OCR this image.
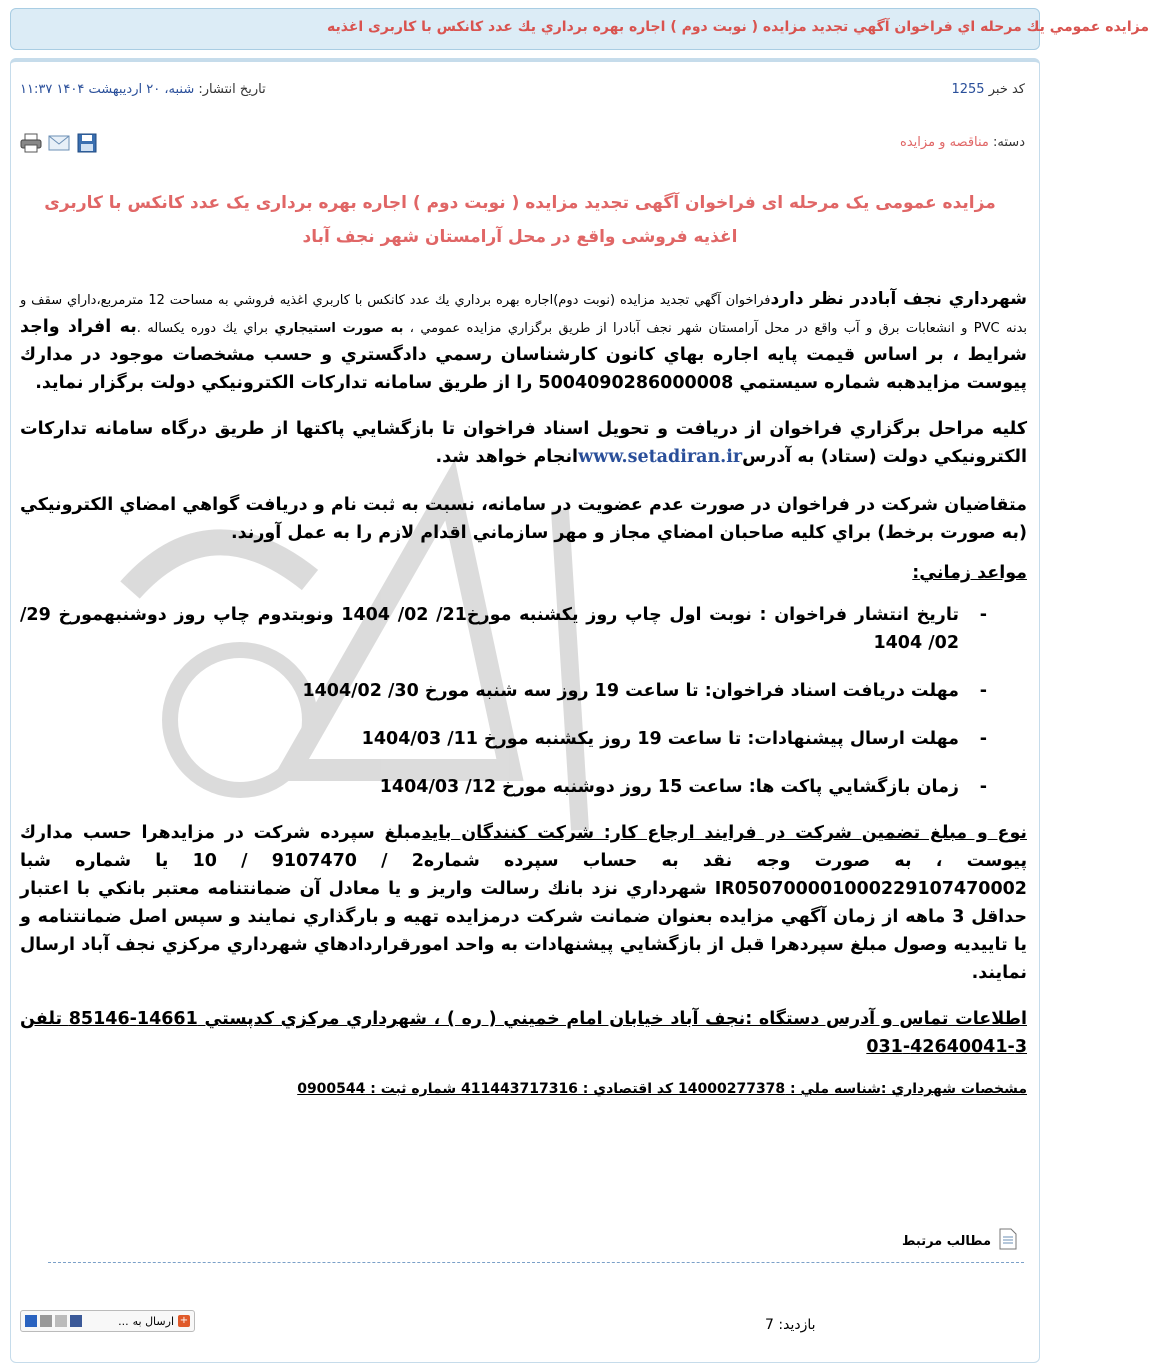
مزايده عمومي يك مرحله اي فراخوان آگهي تجديد مزايده ( نوبت دوم ) اجاره بهره برداري يك عدد كانكس با كاربرى اغذيه
کد خبر 1255
تاریخ انتشار: شنبه، ۲۰ اردیبهشت ۱۴۰۴ ۱۱:۳۷
دسته: مناقصه و مزایده
مزایده عمومی یک مرحله ای فراخوان آگهی تجدید مزایده ( نوبت دوم ) اجاره بهره برداری یک عدد کانکس با کاربری اغذیه فروشی واقع در محل آرامستان شهر نجف آباد

شهرداري نجف آباددر نظر داردفراخوان آگهي تجديد مزايده (نوبت دوم)اجاره بهره برداري يك عدد كانكس با كاربري اغذيه فروشي به مساحت 12 مترمربع،داراي سقف و بدنه PVC و انشعابات برق و آب واقع در محل آرامستان شهر نجف آبادرا از طريق برگزاري مزايده عمومي ، به صورت استيجاري براي يك دوره يكساله .به افراد واجد شرايط ، بر اساس قيمت پايه اجاره بهاي كانون كارشناسان رسمي دادگستري و حسب مشخصات موجود در مدارك پيوست مزايدهبه شماره سيستمي 5004090286000008 را از طريق سامانه تداركات الكترونيكي دولت برگزار نمايد.

كليه مراحل برگزاري فراخوان از دريافت و تحويل اسناد فراخوان تا بازگشايي پاكتها از طريق درگاه سامانه تداركات الكترونيكي دولت (ستاد) به آدرسwww.setadiran.irانجام خواهد شد.

متقاضيان شركت در فراخوان در صورت عدم عضويت در سامانه، نسبت به ثبت نام و دريافت گواهي امضاي الكترونيكي (به صورت برخط) براي كليه صاحبان امضاي مجاز و مهر سازماني اقدام لازم را به عمل آورند.

مواعد زماني:

-
تاريخ انتشار فراخوان : نوبت اول چاپ روز يكشنبه مورخ21/ 02/ 1404 ونوبتدوم چاپ روز دوشنبهمورخ 29/ 02/ 1404
-
مهلت دريافت اسناد فراخوان: تا ساعت 19 روز سه شنبه مورخ 30/ 1404/02
-
مهلت ارسال پيشنهادات: تا ساعت 19 روز يكشنبه مورخ 11/ 1404/03
-
زمان بازگشايي پاكت ها: ساعت 15 روز دوشنبه مورخ 12/ 1404/03

نوع و مبلغ تضمين شركت در فرايند ارجاع كار: شركت كنندگان بايدمبلغ سپرده شركت در مزايدهرا حسب مدارك پيوست ، به صورت وجه نقد به حساب سپرده شماره2 / 9107470 / 10 يا شماره شبا IR050700001000229107470002 شهرداري نزد بانك رسالت واريز و يا معادل آن ضمانتنامه معتبر بانكي با اعتبار حداقل 3 ماهه از زمان آگهي مزايده بعنوان ضمانت شركت درمزايده تهيه و بارگذاري نمايند و سپس اصل ضمانتنامه و يا تاييديه وصول مبلغ سپردهرا قبل از بازگشايي پيشنهادات به واحد امورقراردادهاي شهرداري مركزي نجف آباد ارسال نمايند.

اطلاعات تماس و آدرس دستگاه :نجف آباد خيابان امام خميني ( ره ) ، شهرداري مركزي كدپستي 14661-85146 تلفن 3-42640041-031

مشخصات شهرداري :شناسه ملي : 14000277378 كد اقتصادي : 411443717316 شماره ثبت : 0900544

مطالب مرتبط
بازدید: 7
+
ارسال به
...
